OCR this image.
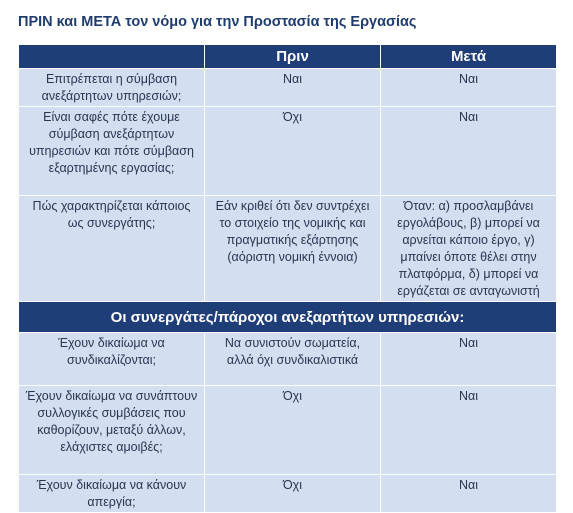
ΠΡΙΝ και ΜΕΤΑ τον νόμο για την Προστασία της Εργασίας
	Πριν	Μετά
Επιτρέπεται η σύμβαση ανεξάρτητων υπηρεσιών;	Ναι	Ναι
Είναι σαφές πότε έχουμε σύμβαση ανεξάρτητων υπηρεσιών και πότε σύμβαση εξαρτημένης εργασίας;	Όχι	Ναι
Πώς χαρακτηρίζεται κάποιος ως συνεργάτης;	Εάν κριθεί ότι δεν συντρέχει το στοιχείο της νομικής και πραγματικής εξάρτησης (αόριστη νομική έννοια)	Όταν: α) προσλαμβάνει εργολάβους, β) μπορεί να αρνείται κάποιο έργο, γ) μπαίνει όποτε θέλει στην πλατφόρμα, δ) μπορεί να εργάζεται σε ανταγωνιστή
Οι συνεργάτες/πάροχοι ανεξαρτήτων υπηρεσιών:		
Έχουν δικαίωμα να συνδικαλίζονται;	Να συνιστούν σωματεία, αλλά όχι συνδικαλιστικά	Ναι
Έχουν δικαίωμα να συνάπτουν συλλογικές συμβάσεις που καθορίζουν, μεταξύ άλλων, ελάχιστες αμοιβές;	Όχι	Ναι
Έχουν δικαίωμα να κάνουν απεργία;	Όχι	Ναι
